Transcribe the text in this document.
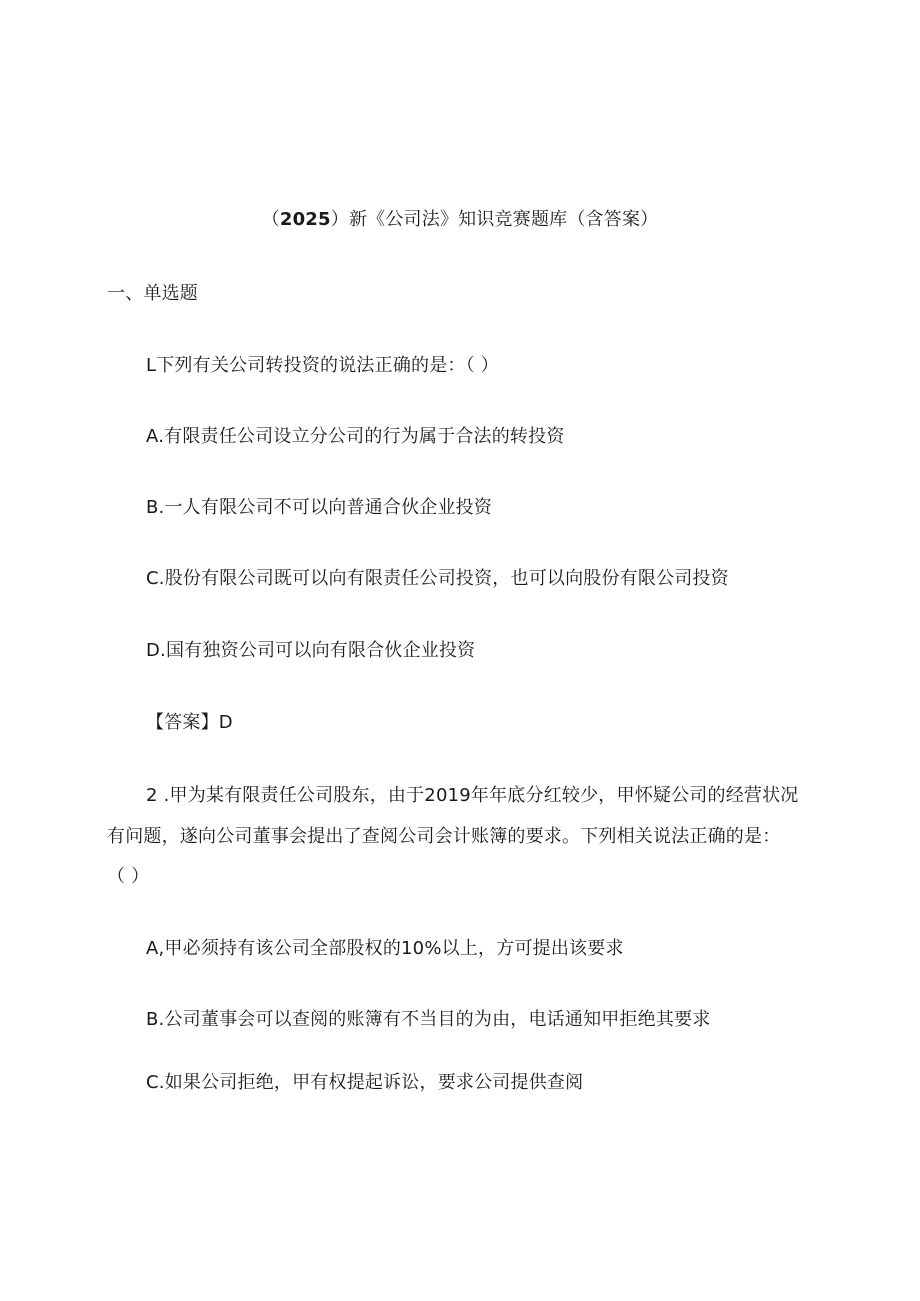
（2025）新《公司法》知识竞赛题库（含答案）
一、单选题
L下列有关公司转投资的说法正确的是：（ ）
A.有限责任公司设立分公司的行为属于合法的转投资
B.一人有限公司不可以向普通合伙企业投资
C.股份有限公司既可以向有限责任公司投资，也可以向股份有限公司投资
D.国有独资公司可以向有限合伙企业投资
【答案】D
2 .甲为某有限责任公司股东，由于2019年年底分红较少，甲怀疑公司的经营状况
有问题，遂向公司董事会提出了查阅公司会计账簿的要求。下列相关说法正确的是：
（ ）
A,甲必须持有该公司全部股权的10%以上，方可提出该要求
B.公司董事会可以查阅的账簿有不当目的为由，电话通知甲拒绝其要求
C.如果公司拒绝，甲有权提起诉讼，要求公司提供查阅
